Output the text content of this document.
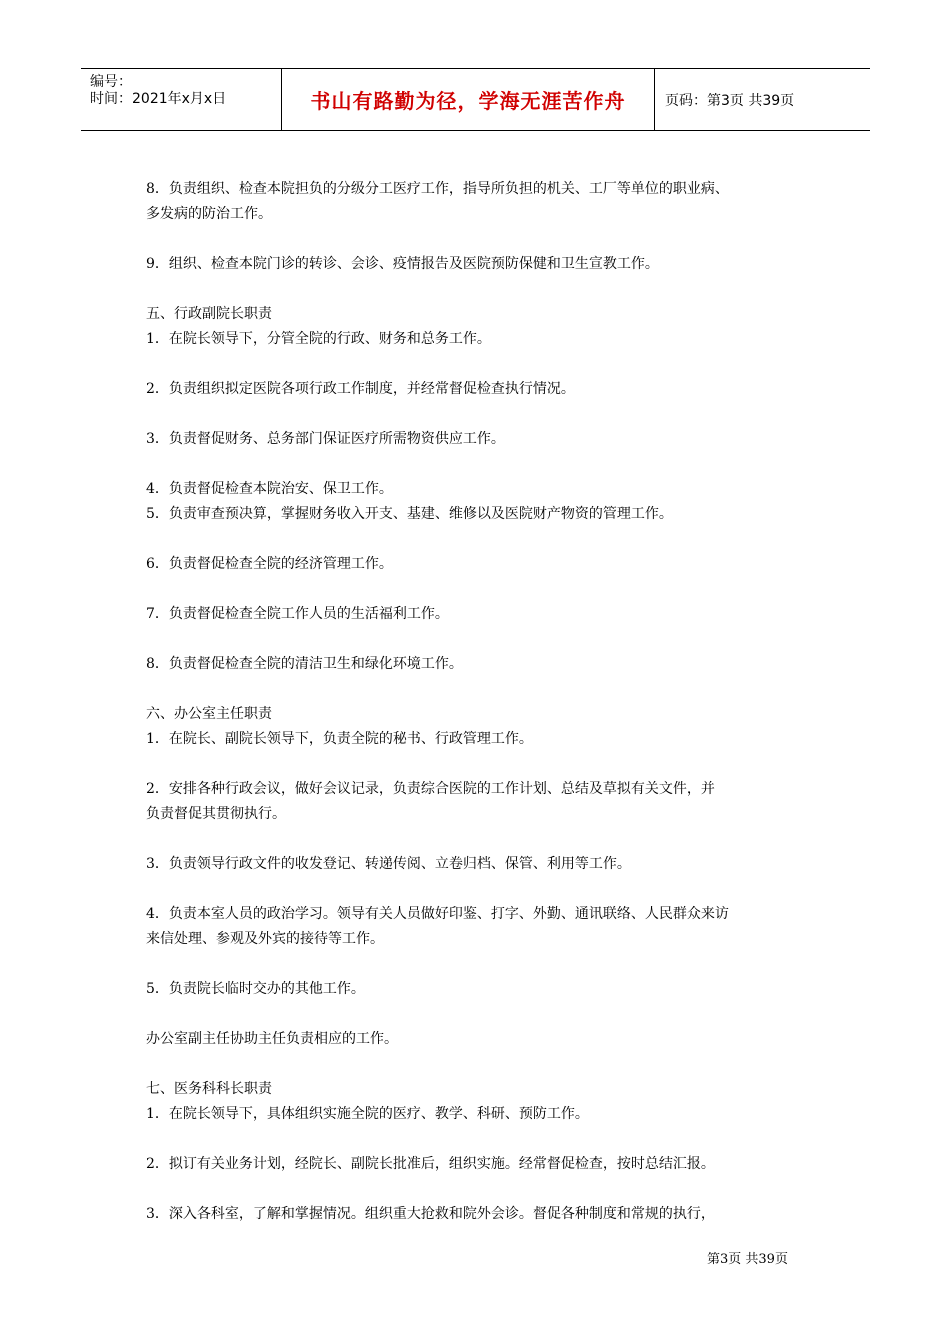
编号：
时间：2021年x月x日	书山有路勤为径，学海无涯苦作舟	页码：第3页 共39页
8．负责组织、检查本院担负的分级分工医疗工作，指导所负担的机关、工厂等单位的职业病、
多发病的防治工作。
9．组织、检查本院门诊的转诊、会诊、疫情报告及医院预防保健和卫生宣教工作。
五、行政副院长职责
1．在院长领导下，分管全院的行政、财务和总务工作。
2．负责组织拟定医院各项行政工作制度，并经常督促检查执行情况。
3．负责督促财务、总务部门保证医疗所需物资供应工作。
4．负责督促检查本院治安、保卫工作。
5．负责审查预决算，掌握财务收入开支、基建、维修以及医院财产物资的管理工作。
6．负责督促检查全院的经济管理工作。
7．负责督促检查全院工作人员的生活福利工作。
8．负责督促检查全院的清洁卫生和绿化环境工作。
六、办公室主任职责
1．在院长、副院长领导下，负责全院的秘书、行政管理工作。
2．安排各种行政会议，做好会议记录，负责综合医院的工作计划、总结及草拟有关文件，并
负责督促其贯彻执行。
3．负责领导行政文件的收发登记、转递传阅、立卷归档、保管、利用等工作。
4．负责本室人员的政治学习。领导有关人员做好印鉴、打字、外勤、通讯联络、人民群众来访
来信处理、参观及外宾的接待等工作。
5．负责院长临时交办的其他工作。
办公室副主任协助主任负责相应的工作。
七、医务科科长职责
1．在院长领导下，具体组织实施全院的医疗、教学、科研、预防工作。
2．拟订有关业务计划，经院长、副院长批准后，组织实施。经常督促检查，按时总结汇报。
3．深入各科室，了解和掌握情况。组织重大抢救和院外会诊。督促各种制度和常规的执行，
第3页 共39页
